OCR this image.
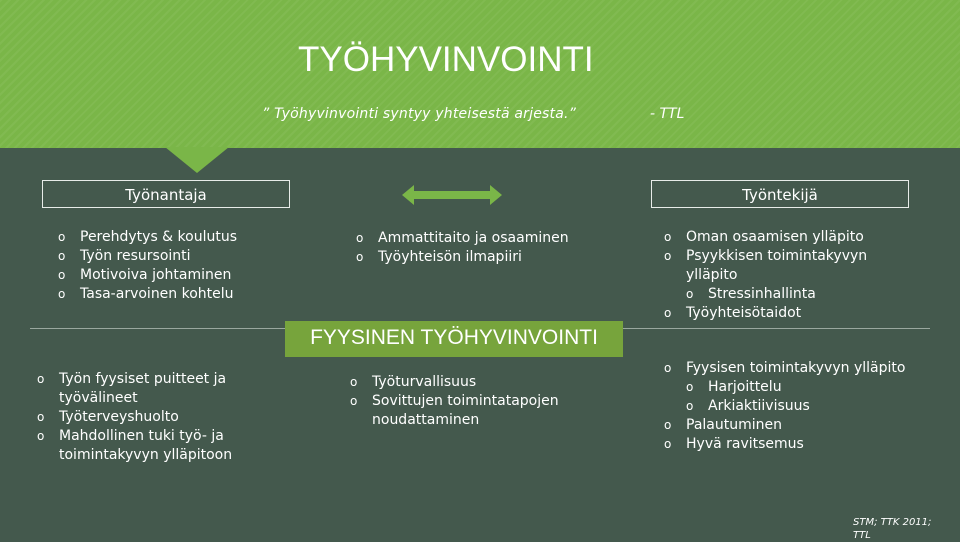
TYÖHYVINVOINTI
” Työhyvinvointi syntyy yhteisestä arjesta.”	- TTL
Työnantaja	Työntekijä
o Perehdytys & koulutus
o Työn resursointi
o Motivoiva johtaminen
o Tasa-arvoinen kohtelu
o Ammattitaito ja osaaminen
o Työyhteisön ilmapiiri
o Oman osaamisen ylläpito
o Psyykkisen toimintakyvyn ylläpito
o Stressinhallinta
o Työyhteisötaidot
FYYSINEN TYÖHYVINVOINTI
o Työn fyysiset puitteet ja työvälineet
o Työterveyshuolto
o Mahdollinen tuki työ- ja toimintakyvyn ylläpitoon
o Työturvallisuus
o Sovittujen toimintatapojen noudattaminen
o Fyysisen toimintakyvyn ylläpito
o Harjoittelu
o Arkiaktiivisuus
o Palautuminen
o Hyvä ravitsemus
STM; TTK 2011; TTL
